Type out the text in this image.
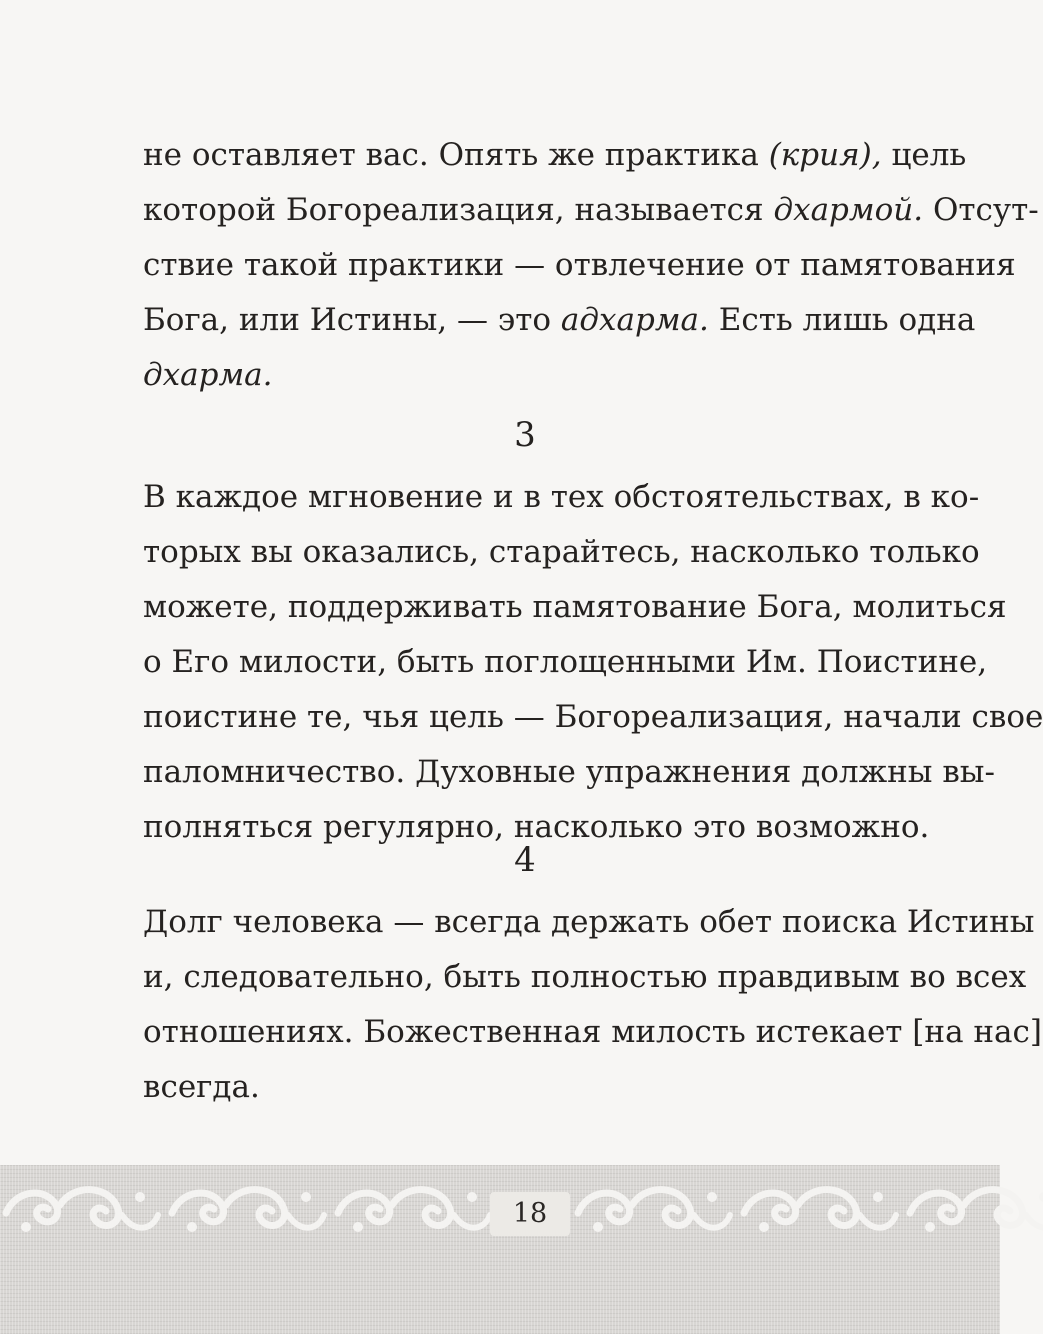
не оставляет вас. Опять же практика (крия), цель
которой Богореализация, называется дхармой. Отсут-
ствие такой практики — отвлечение от памятования
Бога, или Истины, — это адхарма. Есть лишь одна
дхарма.
3
В каждое мгновение и в тех обстоятельствах, в ко-
торых вы оказались, старайтесь, насколько только
можете, поддерживать памятование Бога, молиться
о Его милости, быть поглощенными Им. Поистине,
поистине те, чья цель — Богореализация, начали свое
паломничество. Духовные упражнения должны вы-
полняться регулярно, насколько это возможно.
4
Долг человека — всегда держать обет поиска Истины
и, следовательно, быть полностью правдивым во всех
отношениях. Божественная милость истекает [на нас]
всегда.
18
